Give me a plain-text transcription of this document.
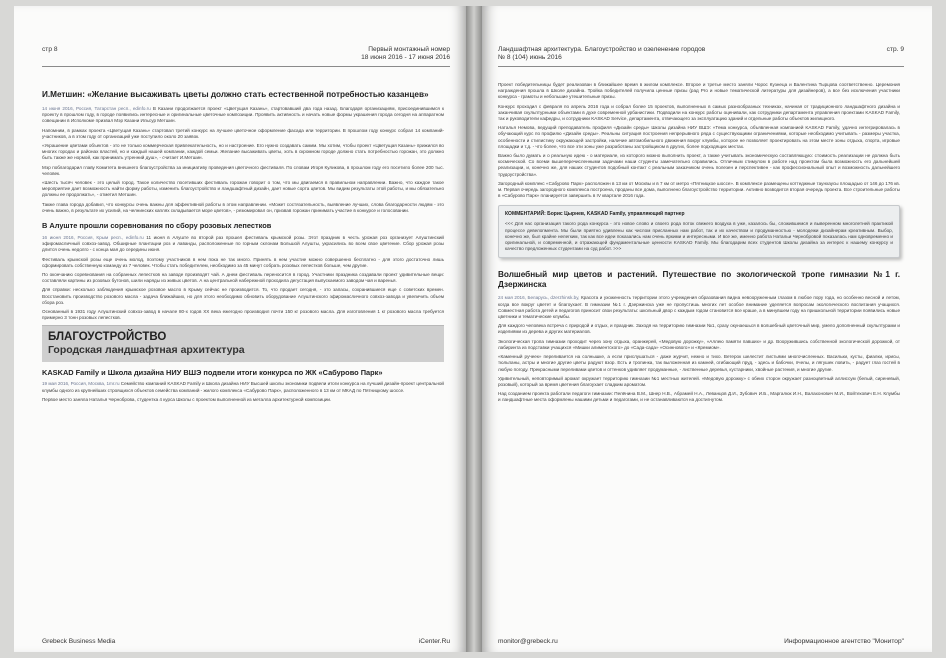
стр 8	Первый монтажный номер
18 июня 2016 - 17 июня 2016
И.Метшин: «Желание высаживать цветы должно стать естественной потребностью казанцев»

14 июня 2016, Россия, Татарстан респ., edinfo.ru В Казани продолжается проект «Цветущая Казань», стартовавший два года назад. Благодаря организациям, присоединившимся к проекту в прошлом году, в городе появились интересные и оригинальные цветочные композиции. Проявить активность и начать новые формы украшения города сегодня на аппаратном совещании в Исполкоме призвал Мэр Казани Ильсур Метшин.

Напомним, в рамках проекта «Цветущая Казань» стартовал третий конкурс на лучшее цветочное оформление фасада или территории. В прошлом году конкурс собрал 14 компаний-участников, а в этом году от организаций уже поступило около 20 заявок.

«Украшение цветами объектов - это не только коммерческая привлекательность, но и настроение. Его нужно создавать самим. Мы хотим, чтобы проект «Цветущая Казань» прижился во многих городах и районах властей, но и каждый нашей компании, каждой семьи. Желание высаживать цветы, хоть в скромном городе должно стать потребностью горожан, это должно быть также же нормой, как принимать утренний душ», - считает И.Метшин.

Мэр поблагодарил главу Комитета внешнего благоустройства за инициативу проведения цветочного фестиваля. По словам Игоря Куликова, в прошлом году его посетило более 200 тыс. человек.

«Шесть тысяч человек - это целый город. Такое количество посетивших фестиваль горожан говорит о том, что мы двигаемся в правильном направлении. Важно, что каждое такое мероприятие дает возможность найти форму работы, изменить благоустройство и ландшафтный дизайн, дает новые сорта цветов. Мы видим результаты этой работы, и мы обязательно должны ее продолжать», - отметил Метшин.

Также глава города добавил, что конкурсы очень важны для эффективной работы в этом направлении. «Может состязательность, выявление лучших, слова благодарности людям - это очень важно, в результате их усилий, на челнинских каплях складывается море цветов», - резюмировал он, призвав горожан принимать участие в конкурсе и голосовании.

В Алуште прошли соревнования по сбору розовых лепестков

16 июня 2016, Россия, Крым респ., edinfo.ru 11 июня в Алуште во второй раз прошел фестиваль крымской розы. Этот праздник в честь урожая роз организует Алуштинский эфиромасличный совхоз-завод. Обширные плантации роз и лаванды, расположенные по горным склонам Большой Алушты, украсились во всем свое цветение. Сбор урожая розы длится очень недолго - с конца мая до середины июня.

Фестиваль крымской розы еще очень молод, поэтому участников в нем пока не так много. Принять в нем участие можно совершенно бесплатно - для этого достаточно лишь сформировать собственную команду из 7 человек. Чтобы стать победителем, необходимо за 45 минут собрать розовых лепестков больше, чем другие.

По окончанию соревнования на собранных лепестков на заводе производят чай. А днем фестиваль переносится в город. Участники праздника создавали проект удивительные вещи: составляли картины из розовых бутонов, шили наряды из живых цветов. А на центральной набережной проходила дегустация выпускаемого заводом чая и варенья.

Для справки: несколько заблюдения крымское розовое масло в Крыму сейчас не производится. То, что продает сегодня, - это запасы, сохранившиеся еще с советских времен. Восстановить производство розового масла - задача ближайших, но для этого необходимо обновить оборудование Алуштинского эфиромасличного совхоз-завода и увеличить объем сбора роз.

Основанный в 1931 году Алуштинский совхоз-завод в начале 80-х годов XX века ежегодно производил почти 150 кг розового масла. Для изготовления 1 кг розового масла требуется примерно 3 тонн розовых лепестков.

БЛАГОУСТРОЙСТВО
Городская ландшафтная архитектура
KASKAD Family и Школа дизайна НИУ ВШЭ подвели итоги конкурса по ЖК «Сабурово Парк»

19 мая 2016, Россия, Москва, 1mr.ru Семейство компаний KASKAD Family и Школа дизайна НИУ Высшей школы экономики подвели итоги конкурса на лучший дизайн-проект центральной клумбы одного из крупнейших строящихся объектов семейства компаний - жилого комплекса «Сабурово Парк», расположенного в 13 км от МКАД по Пятницкому шоссе.

Первое место заняла Наталья Черноброва, студентка 4 курса Школы с проектом выполненной из металла архитектурной композиции.

Grebeck Business Media	iCenter.Ru
Ландшафтная архитектура. Благоустройство и озеленение городов
№ 8 (104) июнь 2016
стр. 9

Проект победительницы будет реализован в ближайшее время в жилом комплексе. Второе и третье место заняли Чорос Кузнеца и Валентина Тырцова соответственно. Церемония награждения прошла в Школе дизайна. Тройка победителей получила ценные призы (рад Pro и новые тематической литературы для дизайнеров), а все без исключения участники конкурса - грамоты и небольшие утешительные призы.

Конкурс проходил с февраля по апрель 2016 года и собрал более 15 проектов, выполненных в самых разнообразных техниках, начиная от традиционного ландшафтного дизайна и заканчивая скульптурными объектами в духе современной урбанистики. Подводили на конкурс работы оценивали, как сотрудники департамента управления проектами KASKAD Family, так и руководители кафедры, и сотрудники KASKAD Service, департамента, отвечающего за эксплуатацию зданий и отдельные работы объектов жилищного.

Наталья Немова, ведущий преподаватель профиля «Дизайн среды» Школы дизайна НИУ ВШЭ: «Тема конкурса, объявленная компанией KASKAD Family, удачно интегрировалась в обучающий курс по профилю «Дизайн среды». Реальны ситуация построения непрерывного ряда с существующими ограничениями, которые необходимо учитывать - размеры участка, особенности и стилистику окружающей застройки, наличие автомобильного движения вокруг клумбы, которое не позволяет проектировать на этом месте зоны отдыха, спорта, игровые площадки и т.д. - что более, что все эти зоны уже разработаны застройщиком в других, более подходящих местах.

Важно было думать и о реальную идею - о материале, из которого можно выполнить проект, а также учитывать экономическую составляющую: стоимость реализации не должна быть космической. Со всеми вышеперечисленными задачами наши студенты замечательно справились. Отличным стимулом в работе над проектом была возможность его дальнейшей реализации, и, конечно же, для наших студентов подобный контакт с реальным заказчиком очень полезен и перспективен - как профессиональный опыт и возможность дальнейшего трудоустройства».

Загородный комплекс «Сабурово Парк» расположен в 13 км от Москвы и в 7 км от метро «Пятницкое шоссе». В комплексе размещены коттеджные таунхаусы площадью от 146 до 176 кв. м. Первая очередь загородного комплекса построена, проданы все дома, выполнено благоустройство территории. Активно возводится вторая очередь проекта. Все строительные работы в «Сабурово Парк» планируется завершить в IV квартале 2016 года.

КОММЕНТАРИЙ: Борис Цырнев, KASKAD Family, управляющий партнер
<<< Для нас организация такого рода конкурса - это новое слово и своего рода поток свежего воздуха в уже, казалось бы, сложившемся и выверенном многолетней практикой процессе девелопмента. Мы были приятно удивлены как числом присланных нам работ, так и их качеством и продуманностью - молодежи дизайнерам креативным. Выбор, конечно же, был крайне нелегким, так как все идеи показались нам очень яркими и интересными. И все же, именно работа Натальи Чернобровой показалась нам одновременно и оригинальной, и современной, и отражающей фундаментальные ценности KASKAD Family. Мы благодарим всех студентов Школы дизайна за интерес к нашему конкурсу и качество предложенных студентами на суд работ. >>>
Волшебный мир цветов и растений. Путешествие по экологической тропе гимназии №1 г. Дзержинска

24 мая 2016, Беларусь, dzerzhinsk.by, Красота и ухоженность территории этого учреждения образования видна невооруженным глазом в любое пору года, но особенно весной и летом, когда все вокруг цветет и благоухает. В гимназии №1 г. Дзержинска уже не пропустишь многих лет особое внимание уделяется вопросам экологического воспитания учащихся. Совместная работа детей и педагогов приносит свои результаты: школьный двор с каждым годом становится все краше, а в минувшем году на пришкольной территории появились новые цветники и тематические клумбы.

Для каждого человека встреча с природой и отдых, и праздник. Заходя на территорию гимназии №1, сразу окунаешься в волшебный цветочный мир, умело дополненный скульптурами и изделиями из дерева и других материалов.

Экологическая тропа гимназии проходит через зону отдыха, оранжерей, «Медовую дорожку», «Аллею памяти павших» и др. Вооружившись собственной экологической дорожкой, от лабиринта из подставки учащихся «Мишки алиментского» до «Сада-сада» «Осиннового» и «Кремиом».

«Каменный ручеек» переливается на солнышке, а если прислушаться - даже журчит, нежно и тихо. Ветерок шелестит листьями многочисленных. Васильки, кусты, фиалки, ирисы, тюльпаны, астры и многие другие цветы радуют взор. Есть и тропинка, так выложенная из камней, огибающий пруд, - здесь и бабочки, пчелы, и лягушек ловить, - радует глаз гостей в любую погоду. Прекрасными переливами цветов и оттенков удивляет продуманные, - лиственные деревья, кустарники, хвойные растения, и многие другие.

Удивительный, неповторимый аромат окружает территорию гимназии №1 местных жителей. «Медовую дорожку» с обеих сторон окружает разноцветный аллиссум (белый, сиреневый, розовый), который за время цветения благоухает сладким ароматом.

Над созданием проекта работали педагоги гимназии: Пелёнина В.М., Шнер Н.В., Абрамей Н.А., Леванцов Д.И., Зубович И.Б., Маргалюк И.Н., Валахонович М.И., Войтехович Е.Н. Клумбы и ландшафтные места оформлены нашими детьми и педагогами, и не останавливаются на достигнутом.

monitor@grebeck.ru	Информационное агентство "Монитор"
